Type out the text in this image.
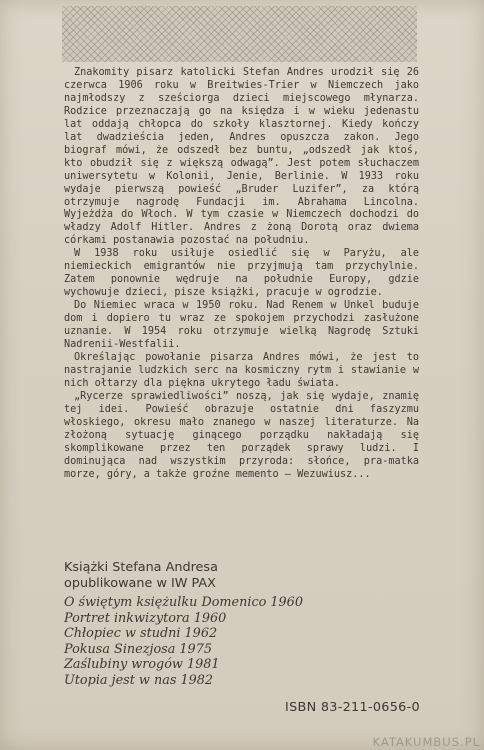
Znakomity pisarz katolicki Stefan Andres urodził się 26 czerwca 1906 roku w Breitwies-Trier w Niemczech jako najmłodszy z sześciorga dzieci miejscowego młynarza. Rodzice przeznaczają go na księdza i w wieku jedenastu lat oddają chłopca do szkoły klasztornej. Kiedy kończy lat dwadzieścia jeden, Andres opuszcza zakon. Jego biograf mówi, że odszedł bez buntu, „odszedł jak ktoś, kto obudził się z większą odwagą”. Jest potem słuchaczem uniwersytetu w Kolonii, Jenie, Berlinie. W 1933 roku wydaje pierwszą powieść „Bruder Luzifer”, za którą otrzymuje nagrodę Fundacji im. Abrahama Lincolna. Wyjeżdża do Włoch. W tym czasie w Niemczech dochodzi do władzy Adolf Hitler. Andres z żoną Dorotą oraz dwiema córkami postanawia pozostać na południu.

W 1938 roku usiłuje osiedlić się w Paryżu, ale niemieckich emigrantów nie przyjmują tam przychylnie. Zatem ponownie wędruje na południe Europy, gdzie wychowuje dzieci, pisze książki, pracuje w ogrodzie.

Do Niemiec wraca w 1950 roku. Nad Renem w Unkel buduje dom i dopiero tu wraz ze spokojem przychodzi zasłużone uznanie. W 1954 roku otrzymuje wielką Nagrodę Sztuki Nadrenii-Westfalii.

Określając powołanie pisarza Andres mówi, że jest to nastrajanie ludzkich serc na kosmiczny rytm i stawianie w nich ołtarzy dla piękna ukrytego ładu świata.

„Rycerze sprawiedliwości” noszą, jak się wydaje, znamię tej idei. Powieść obrazuje ostatnie dni faszyzmu włoskiego, okresu mało znanego w naszej literaturze. Na złożoną sytuację ginącego porządku nakładają się skomplikowane przez ten porządek sprawy ludzi. I dominująca nad wszystkim przyroda: słońce, pra-matka morze, góry, a także groźne memento — Wezuwiusz...

Książki Stefana Andresa
opublikowane w IW PAX
O świętym księżulku Domenico 1960
Portret inkwizytora 1960
Chłopiec w studni 1962
Pokusa Sinezjosa 1975
Zaślubiny wrogów 1981
Utopia jest w nas 1982
ISBN 83-211-0656-0
KATAKUMBUS.PL
